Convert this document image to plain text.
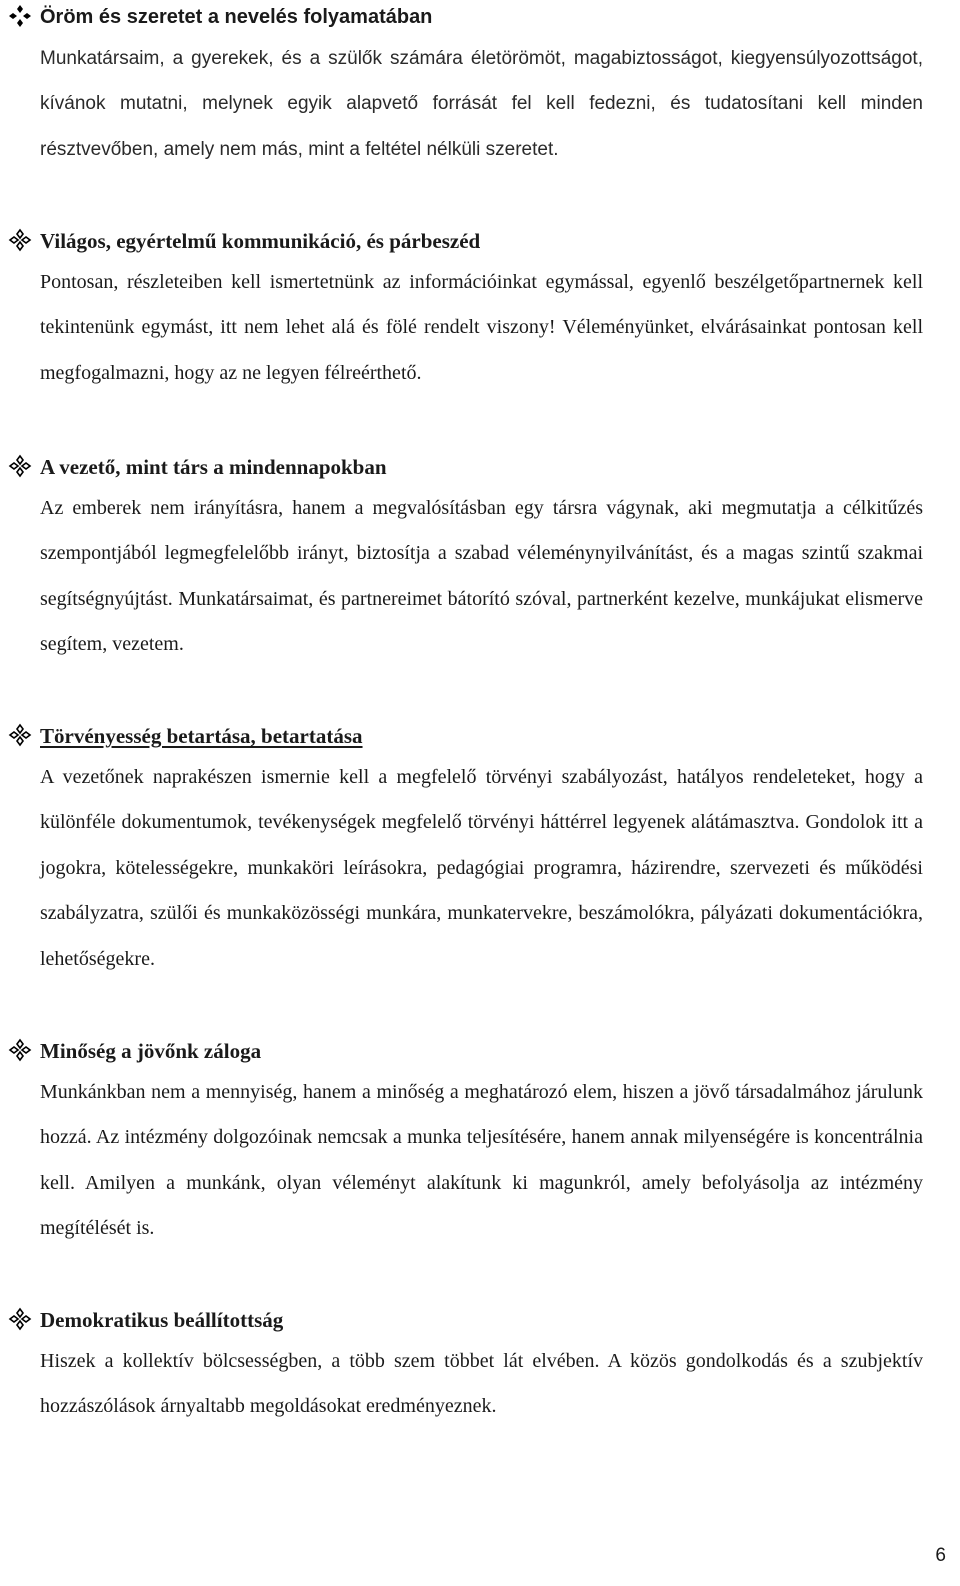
Öröm és szeretet a nevelés folyamatában
Munkatársaim, a gyerekek, és a szülők számára életörömöt, magabiztosságot, kiegyensúlyozottságot, kívánok mutatni, melynek egyik alapvető forrását fel kell fedezni, és tudatosítani kell minden résztvevőben, amely nem más, mint a feltétel nélküli szeretet.
Világos, egyértelmű kommunikáció, és párbeszéd
Pontosan, részleteiben kell ismertetnünk az információinkat egymással, egyenlő beszélgetőpartnernek kell tekintenünk egymást, itt nem lehet alá és fölé rendelt viszony! Véleményünket, elvárásainkat pontosan kell megfogalmazni, hogy az ne legyen félreérthető.
A vezető, mint társ a mindennapokban
Az emberek nem irányításra, hanem a megvalósításban egy társra vágynak, aki megmutatja a célkitűzés szempontjából legmegfelelőbb irányt, biztosítja a szabad véleménynyilvánítást, és a magas szintű szakmai segítségnyújtást. Munkatársaimat, és partnereimet bátorító szóval, partnerként kezelve, munkájukat elismerve segítem, vezetem.
Törvényesség betartása, betartatása
A vezetőnek naprakészen ismernie kell a megfelelő törvényi szabályozást, hatályos rendeleteket, hogy a különféle dokumentumok, tevékenységek megfelelő törvényi háttérrel legyenek alátámasztva. Gondolok itt a jogokra, kötelességekre, munkaköri leírásokra, pedagógiai programra, házirendre, szervezeti és működési szabályzatra, szülői és munkaközösségi munkára, munkatervekre, beszámolókra, pályázati dokumentációkra, lehetőségekre.
Minőség a jövőnk záloga
Munkánkban nem a mennyiség, hanem a minőség a meghatározó elem, hiszen a jövő társadalmához járulunk hozzá. Az intézmény dolgozóinak nemcsak a munka teljesítésére, hanem annak milyenségére is koncentrálnia kell. Amilyen a munkánk, olyan véleményt alakítunk ki magunkról, amely befolyásolja az intézmény megítélését is.
Demokratikus beállítottság
Hiszek a kollektív bölcsességben, a több szem többet lát elvében. A közös gondolkodás és a szubjektív hozzászólások árnyaltabb megoldásokat eredményeznek.
6
